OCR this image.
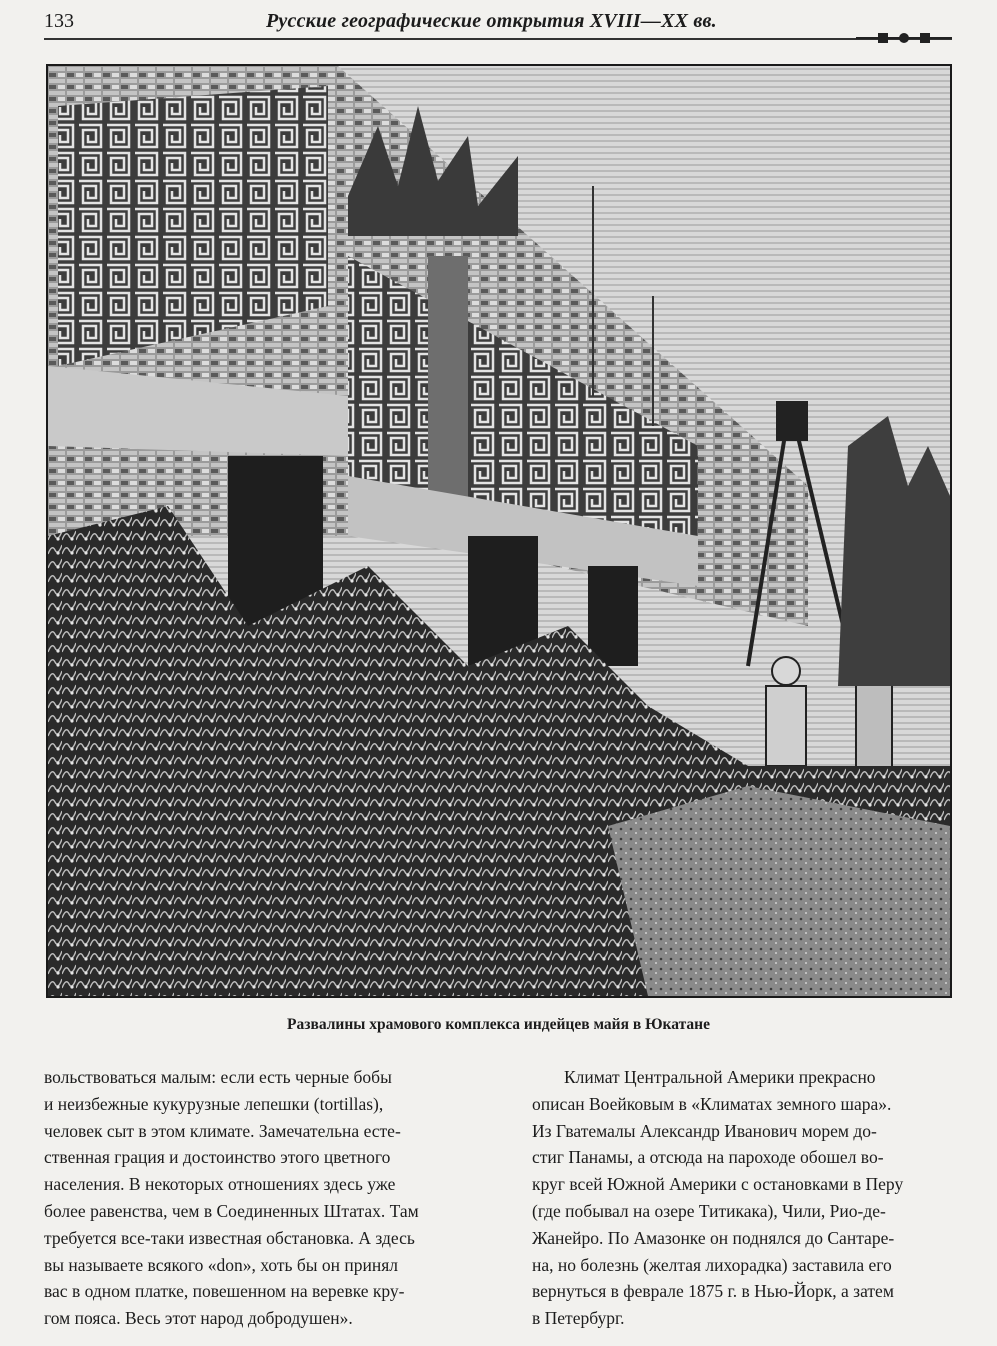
133	Русские географические открытия XVIII—XX вв.
Развалины храмового комплекса индейцев майя в Юкатане

вольствоваться малым: если есть черные бобы
и неизбежные кукурузные лепешки (tortillas),
человек сыт в этом климате. Замечательна есте-
ственная грация и достоинство этого цветного
населения. В некоторых отношениях здесь уже
более равенства, чем в Соединенных Штатах. Там
требуется все-таки известная обстановка. А здесь
вы называете всякого «don», хоть бы он принял
вас в одном платке, повешенном на веревке кру-
гом пояса. Весь этот народ добродушен».

Климат Центральной Америки прекрасно
описан Воейковым в «Климатах земного шара».
Из Гватемалы Александр Иванович морем до-
стиг Панамы, а отсюда на пароходе обошел во-
круг всей Южной Америки с остановками в Перу
(где побывал на озере Титикака), Чили, Рио-де-
Жанейро. По Амазонке он поднялся до Сантаре-
на, но болезнь (желтая лихорадка) заставила его
вернуться в феврале 1875 г. в Нью-Йорк, а затем
в Петербург.
